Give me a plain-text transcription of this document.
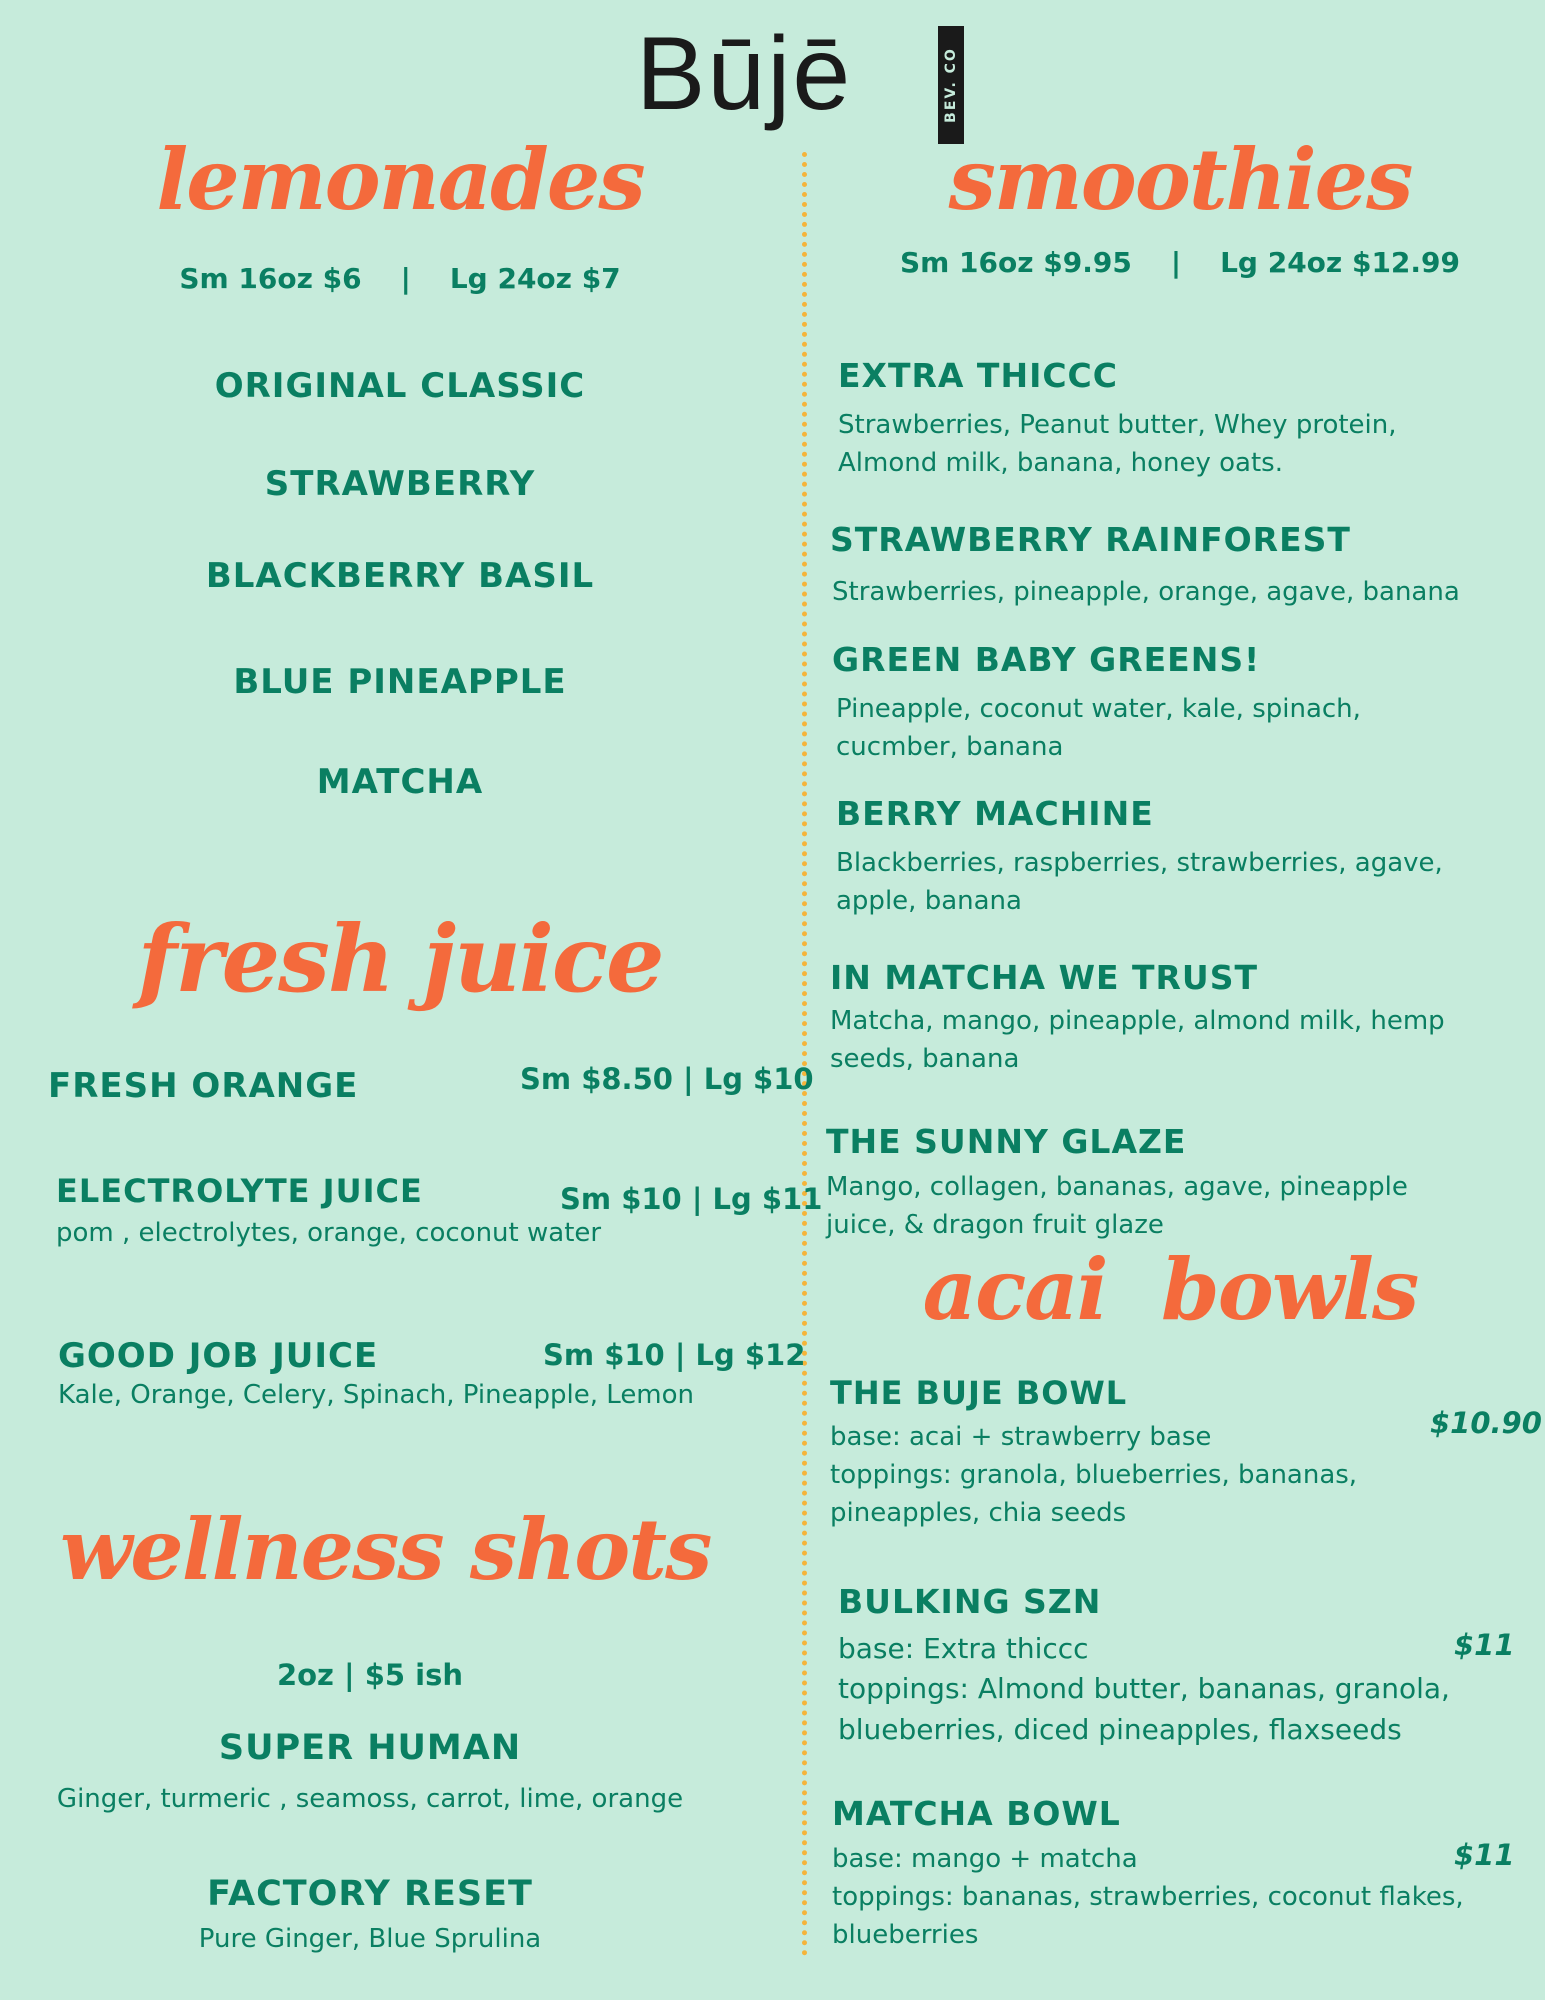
Būjē	BEV. CO
lemonades
Sm 16oz $6    |    Lg 24oz $7
ORIGINAL CLASSIC
STRAWBERRY
BLACKBERRY BASIL
BLUE PINEAPPLE
MATCHA
fresh juice
FRESH ORANGE	Sm $8.50 | Lg $10
ELECTROLYTE JUICE	Sm $10 | Lg $11
pom , electrolytes, orange, coconut water
GOOD JOB JUICE	Sm $10 | Lg $12
Kale, Orange, Celery, Spinach, Pineapple, Lemon
wellness shots
2oz | $5 ish
SUPER HUMAN
Ginger, turmeric , seamoss, carrot, lime, orange
FACTORY RESET
Pure Ginger, Blue Sprulina
smoothies
Sm 16oz $9.95    |    Lg 24oz $12.99
EXTRA THICCC
Strawberries, Peanut butter, Whey protein, Almond milk, banana, honey oats.
STRAWBERRY RAINFOREST
Strawberries, pineapple, orange, agave, banana
GREEN BABY GREENS!
Pineapple, coconut water, kale, spinach, cucmber, banana
BERRY MACHINE
Blackberries, raspberries, strawberries, agave, apple, banana
IN MATCHA WE TRUST
Matcha, mango, pineapple, almond milk, hemp seeds, banana
THE SUNNY GLAZE
Mango, collagen, bananas, agave, pineapple juice, & dragon fruit glaze
acai  bowls
THE BUJE BOWL
$10.90
base: acai + strawberry base
toppings: granola, blueberries, bananas, pineapples, chia seeds
BULKING SZN
$11
base: Extra thiccc
toppings: Almond butter, bananas, granola, blueberries, diced pineapples, flaxseeds
MATCHA BOWL
$11
base: mango + matcha
toppings: bananas, strawberries, coconut flakes, blueberries
